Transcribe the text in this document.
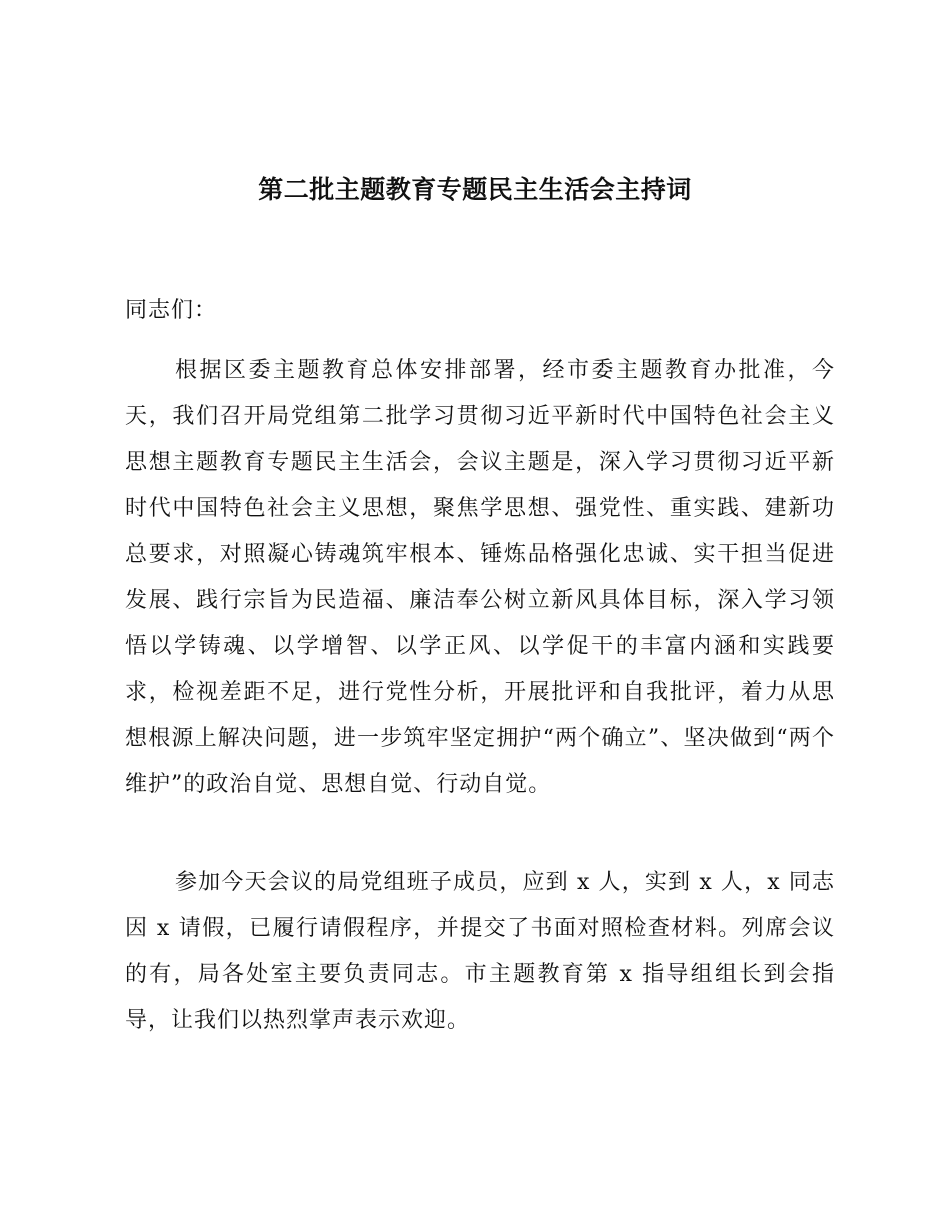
第二批主题教育专题民主生活会主持词
同志们：

根据区委主题教育总体安排部署，经市委主题教育办批准，今天，我们召开局党组第二批学习贯彻习近平新时代中国特色社会主义思想主题教育专题民主生活会，会议主题是，深入学习贯彻习近平新时代中国特色社会主义思想，聚焦学思想、强党性、重实践、建新功总要求，对照凝心铸魂筑牢根本、锤炼品格强化忠诚、实干担当促进发展、践行宗旨为民造福、廉洁奉公树立新风具体目标，深入学习领悟以学铸魂、以学增智、以学正风、以学促干的丰富内涵和实践要求，检视差距不足，进行党性分析，开展批评和自我批评，着力从思想根源上解决问题，进一步筑牢坚定拥护“两个确立”、坚决做到“两个维护”的政治自觉、思想自觉、行动自觉。

参加今天会议的局党组班子成员，应到 x 人，实到 x 人，x 同志因 x 请假，已履行请假程序，并提交了书面对照检查材料。列席会议的有，局各处室主要负责同志。市主题教育第 x 指导组组长到会指导，让我们以热烈掌声表示欢迎。
